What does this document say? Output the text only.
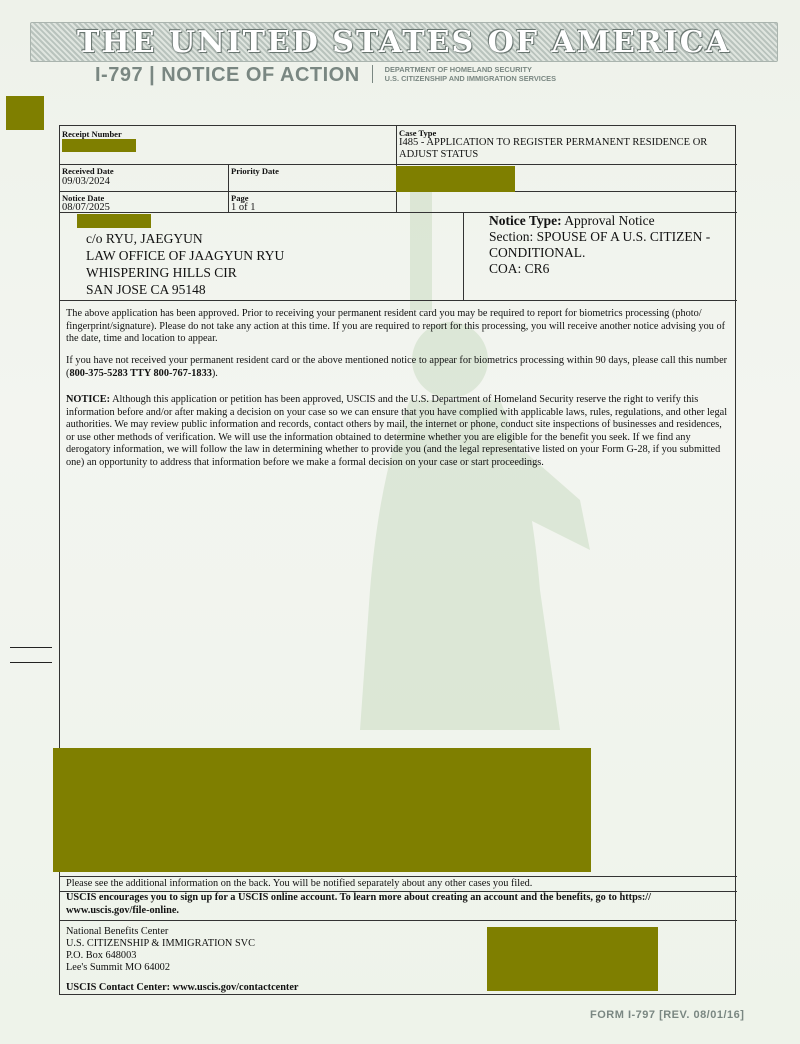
THE UNITED STATES OF AMERICA
I-797 | NOTICE OF ACTION	DEPARTMENT OF HOMELAND SECURITY
U.S. CITIZENSHIP AND IMMIGRATION SERVICES
Receipt Number	Case Type
I485 - APPLICATION TO REGISTER PERMANENT RESIDENCE OR
ADJUST STATUS
Received Date
09/03/2024
Priority Date
Notice Date
08/07/2025
Page
1 of 1
c/o RYU, JAEGYUN
LAW OFFICE OF JAAGYUN RYU
WHISPERING HILLS CIR
SAN JOSE CA 95148
Notice Type: Approval Notice
Section: SPOUSE OF A U.S. CITIZEN -
CONDITIONAL.
COA: CR6

The above application has been approved. Prior to receiving your permanent resident card you may be required to report for biometrics processing (photo/ fingerprint/signature). Please do not take any action at this time. If you are required to report for this processing, you will receive another notice advising you of the date, time and location to appear.

If you have not received your permanent resident card or the above mentioned notice to appear for biometrics processing within 90 days, please call this number (800-375-5283 TTY 800-767-1833).

NOTICE: Although this application or petition has been approved, USCIS and the U.S. Department of Homeland Security reserve the right to verify this information before and/or after making a decision on your case so we can ensure that you have complied with applicable laws, rules, regulations, and other legal authorities. We may review public information and records, contact others by mail, the internet or phone, conduct site inspections of businesses and residences, or use other methods of verification. We will use the information obtained to determine whether you are eligible for the benefit you seek. If we find any derogatory information, we will follow the law in determining whether to provide you (and the legal representative listed on your Form G-28, if you submitted one) an opportunity to address that information before we make a formal decision on your case or start proceedings.

Please see the additional information on the back. You will be notified separately about any other cases you filed.
USCIS encourages you to sign up for a USCIS online account. To learn more about creating an account and the benefits, go to https://
www.uscis.gov/file-online.
National Benefits Center
U.S. CITIZENSHIP & IMMIGRATION SVC
P.O. Box 648003
Lee's Summit MO 64002
USCIS Contact Center: www.uscis.gov/contactcenter
FORM I-797 [REV. 08/01/16]
